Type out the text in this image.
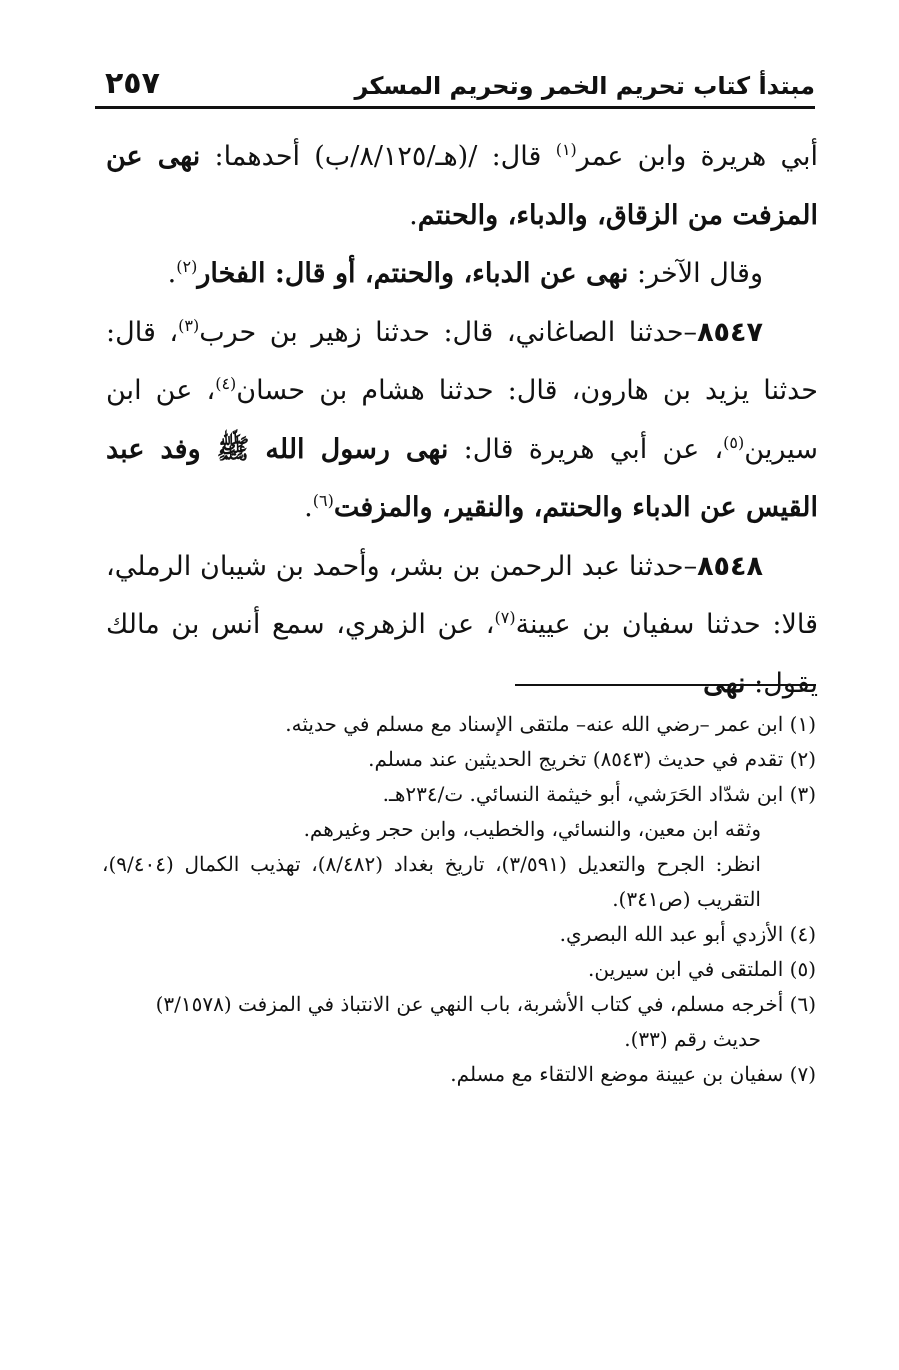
مبتدأ كتاب تحريم الخمر وتحريم المسكر
٢٥٧

أبي هريرة وابن عمر$^{(١)}$ قال: /(هـ/٨/١٢٥/ب) أحدهما: نهى عن المزفت من الزقاق، والدباء، والحنتم.

وقال الآخر: نهى عن الدباء، والحنتم، أو قال: الفخار$^{(٢)}$.

٨٥٤٧–حدثنا الصاغاني، قال: حدثنا زهير بن حرب$^{(٣)}$، قال: حدثنا يزيد بن هارون، قال: حدثنا هشام بن حسان$^{(٤)}$، عن ابن سيرين$^{(٥)}$، عن أبي هريرة قال: نهى رسول الله ﷺ وفد عبد القيس عن الدباء والحنتم، والنقير، والمزفت$^{(٦)}$.

٨٥٤٨–حدثنا عبد الرحمن بن بشر، وأحمد بن شيبان الرملي، قالا: حدثنا سفيان بن عيينة$^{(٧)}$، عن الزهري، سمع أنس بن مالك يقول: نهى

(١) ابن عمر –رضي الله عنه– ملتقى الإسناد مع مسلم في حديثه.

(٢) تقدم في حديث (٨٥٤٣) تخريج الحديثين عند مسلم.

(٣) ابن شدّاد الحَرَشي، أبو خيثمة النسائي. ت/٢٣٤هـ.

وثقه ابن معين، والنسائي، والخطيب، وابن حجر وغيرهم.

انظر: الجرح والتعديل (٣/٥٩١)، تاريخ بغداد (٨/٤٨٢)، تهذيب الكمال (٩/٤٠٤)، التقريب (ص٣٤١).

(٤) الأزدي أبو عبد الله البصري.

(٥) الملتقى في ابن سيرين.

(٦) أخرجه مسلم، في كتاب الأشربة، باب النهي عن الانتباذ في المزفت (٣/١٥٧٨)
حديث رقم (٣٣).

(٧) سفيان بن عيينة موضع الالتقاء مع مسلم.
